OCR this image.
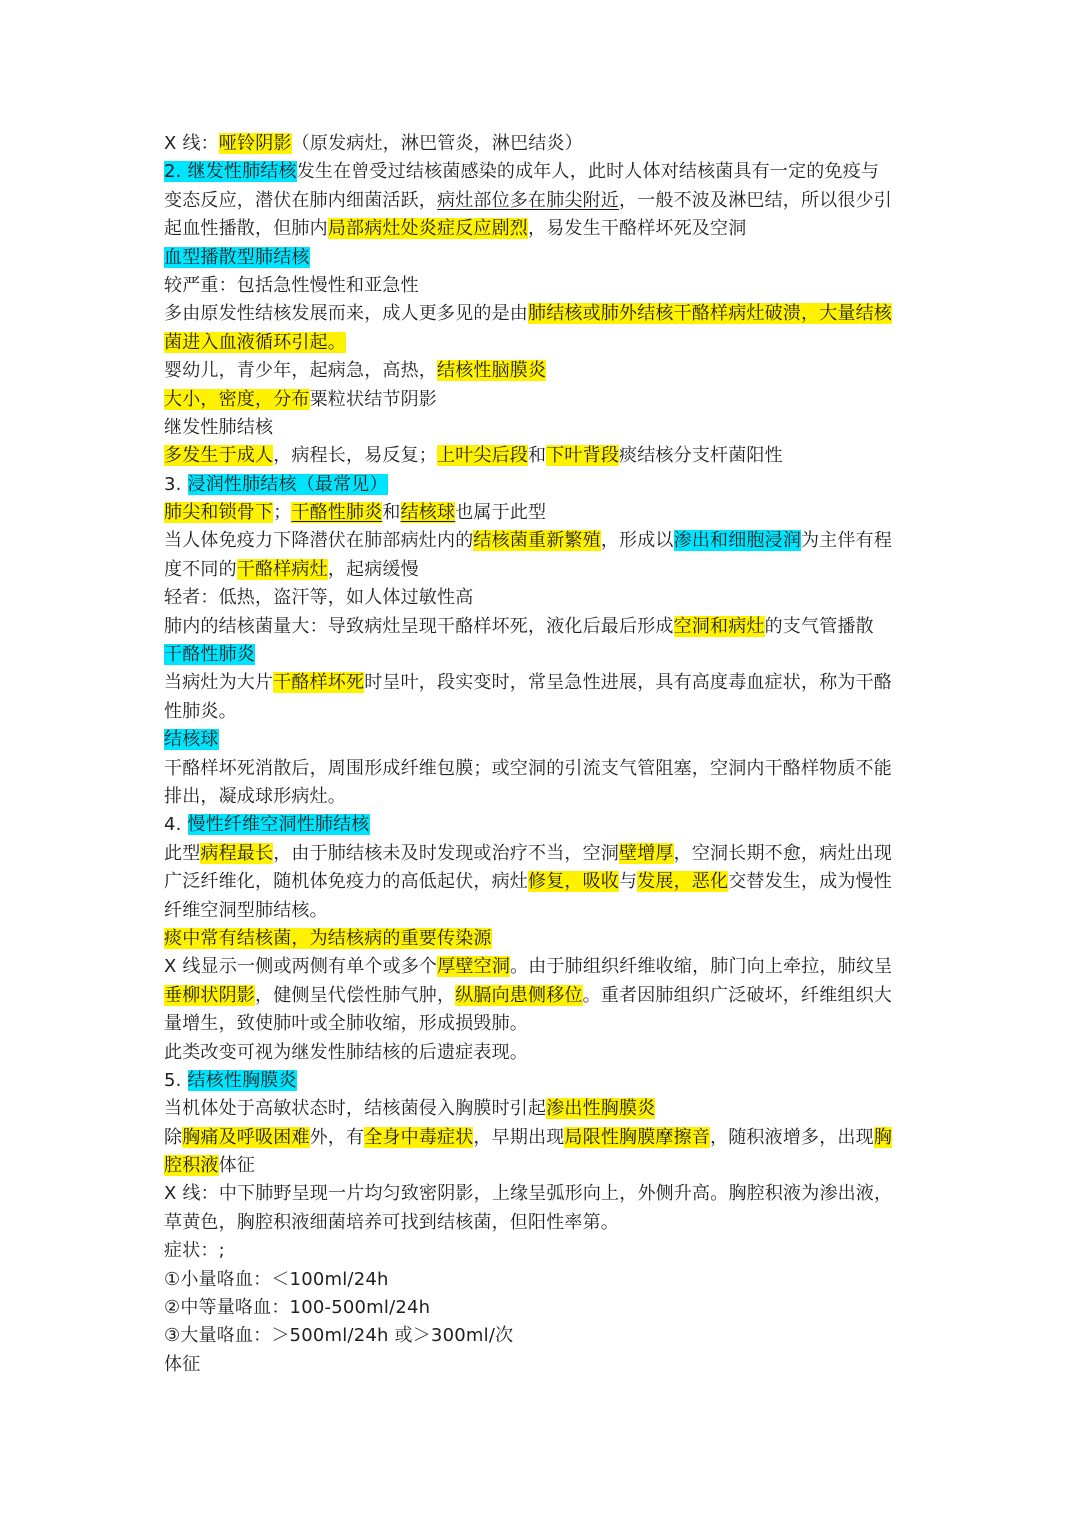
X 线：哑铃阴影（原发病灶，淋巴管炎，淋巴结炎）
2. 继发性肺结核发生在曾受过结核菌感染的成年人，此时人体对结核菌具有一定的免疫与
变态反应，潜伏在肺内细菌活跃，病灶部位多在肺尖附近，一般不波及淋巴结，所以很少引
起血性播散，但肺内局部病灶处炎症反应剧烈，易发生干酪样坏死及空洞
血型播散型肺结核
较严重：包括急性慢性和亚急性
多由原发性结核发展而来，成人更多见的是由肺结核或肺外结核干酪样病灶破溃，大量结核
菌进入血液循环引起。
婴幼儿，青少年，起病急，高热，结核性脑膜炎
大小，密度，分布粟粒状结节阴影
继发性肺结核
多发生于成人，病程长，易反复；上叶尖后段和下叶背段痰结核分支杆菌阳性
3. 浸润性肺结核（最常见）
肺尖和锁骨下；干酪性肺炎和结核球也属于此型
当人体免疫力下降潜伏在肺部病灶内的结核菌重新繁殖，形成以渗出和细胞浸润为主伴有程
度不同的干酪样病灶，起病缓慢
轻者：低热，盗汗等，如人体过敏性高
肺内的结核菌量大：导致病灶呈现干酪样坏死，液化后最后形成空洞和病灶的支气管播散
干酪性肺炎
当病灶为大片干酪样坏死时呈叶，段实变时，常呈急性进展，具有高度毒血症状，称为干酪
性肺炎。
结核球
干酪样坏死消散后，周围形成纤维包膜；或空洞的引流支气管阻塞，空洞内干酪样物质不能
排出，凝成球形病灶。
4. 慢性纤维空洞性肺结核
此型病程最长，由于肺结核未及时发现或治疗不当，空洞壁增厚，空洞长期不愈，病灶出现
广泛纤维化，随机体免疫力的高低起伏，病灶修复，吸收与发展，恶化交替发生，成为慢性
纤维空洞型肺结核。
痰中常有结核菌，为结核病的重要传染源
X 线显示一侧或两侧有单个或多个厚壁空洞。由于肺组织纤维收缩，肺门向上牵拉，肺纹呈
垂柳状阴影，健侧呈代偿性肺气肿，纵膈向患侧移位。重者因肺组织广泛破坏，纤维组织大
量增生，致使肺叶或全肺收缩，形成损毁肺。
此类改变可视为继发性肺结核的后遗症表现。
5. 结核性胸膜炎
当机体处于高敏状态时，结核菌侵入胸膜时引起渗出性胸膜炎
除胸痛及呼吸困难外，有全身中毒症状，早期出现局限性胸膜摩擦音，随积液增多，出现胸
腔积液体征
X 线：中下肺野呈现一片均匀致密阴影，上缘呈弧形向上，外侧升高。胸腔积液为渗出液，
草黄色，胸腔积液细菌培养可找到结核菌，但阳性率第。
症状：;
①小量咯血：＜100ml/24h
②中等量咯血：100-500ml/24h
③大量咯血：＞500ml/24h 或＞300ml/次
体征
